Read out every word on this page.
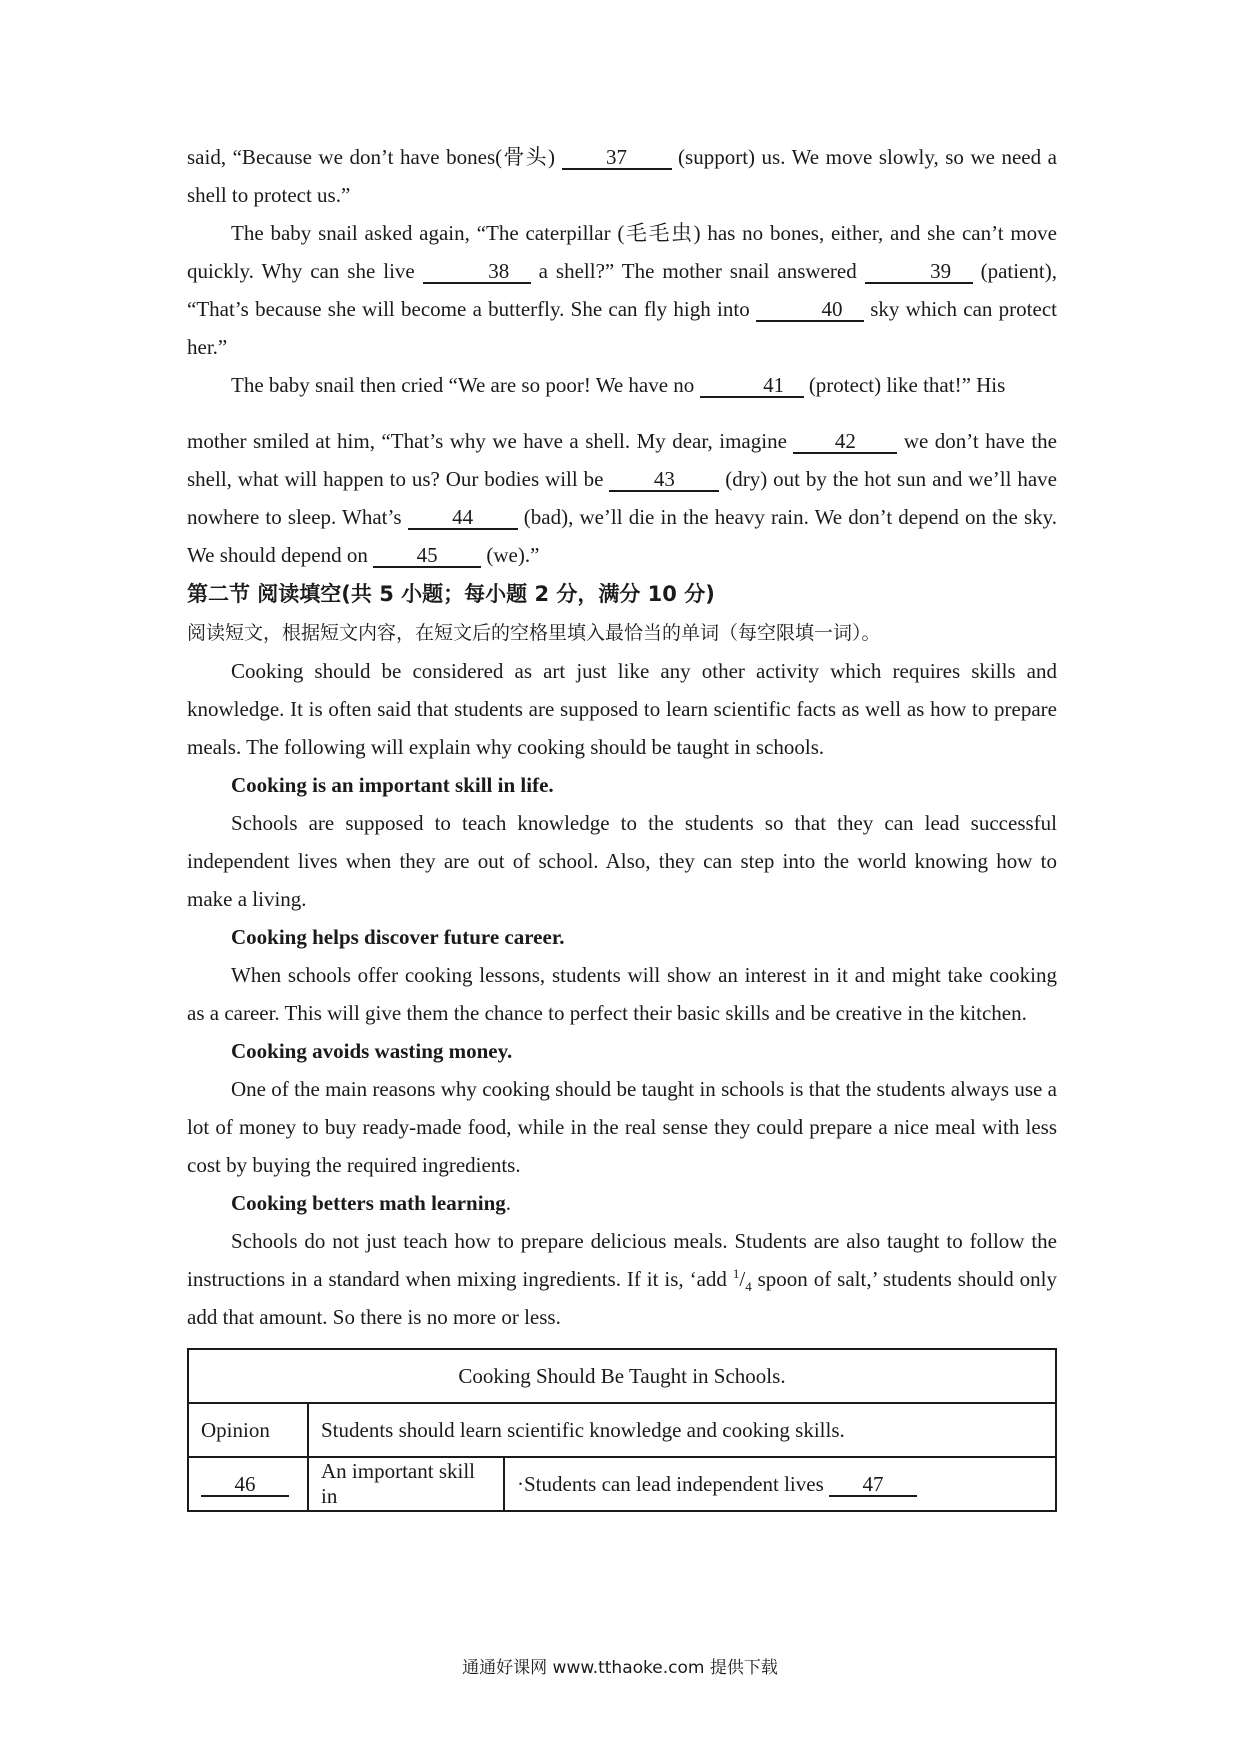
said, “Because we don’t have bones(骨头) 37 (support) us. We move slowly, so we need a shell to protect us.”

The baby snail asked again, “The caterpillar (毛毛虫) has no bones, either, and she can’t move quickly. Why can she live	38 a shell?” The mother snail answered	39 (patient), “That’s because she will become a butterfly. She can fly high into	40 sky which can protect her.”

The baby snail then cried “We are so poor! We have no	41 (protect) like that!” His

mother smiled at him, “That’s why we have a shell. My dear, imagine 42 we don’t have the shell, what will happen to us? Our bodies will be 43 (dry) out by the hot sun and we’ll have nowhere to sleep. What’s 44 (bad), we’ll die in the heavy rain. We don’t depend on the sky. We should depend on 45 (we).”

第二节 阅读填空(共 5 小题；每小题 2 分，满分 10 分)

阅读短文，根据短文内容，在短文后的空格里填入最恰当的单词（每空限填一词）。

Cooking should be considered as art just like any other activity which requires skills and knowledge. It is often said that students are supposed to learn scientific facts as well as how to prepare meals. The following will explain why cooking should be taught in schools.

Cooking is an important skill in life.

Schools are supposed to teach knowledge to the students so that they can lead successful independent lives when they are out of school. Also, they can step into the world knowing how to make a living.

Cooking helps discover future career.

When schools offer cooking lessons, students will show an interest in it and might take cooking as a career. This will give them the chance to perfect their basic skills and be creative in the kitchen.

Cooking avoids wasting money.

One of the main reasons why cooking should be taught in schools is that the students always use a lot of money to buy ready-made food, while in the real sense they could prepare a nice meal with less cost by buying the required ingredients.

Cooking betters math learning.

Schools do not just teach how to prepare delicious meals. Students are also taught to follow the instructions in a standard when mixing ingredients. If it is, ‘add $^1/_4$ spoon of salt,’ students should only add that amount. So there is no more or less.

Cooking Should Be Taught in Schools.		
Opinion	Students should learn scientific knowledge and cooking skills.	
46	An important skill in	·Students can lead independent lives 47
通通好课网 www.tthaoke.com 提供下载
